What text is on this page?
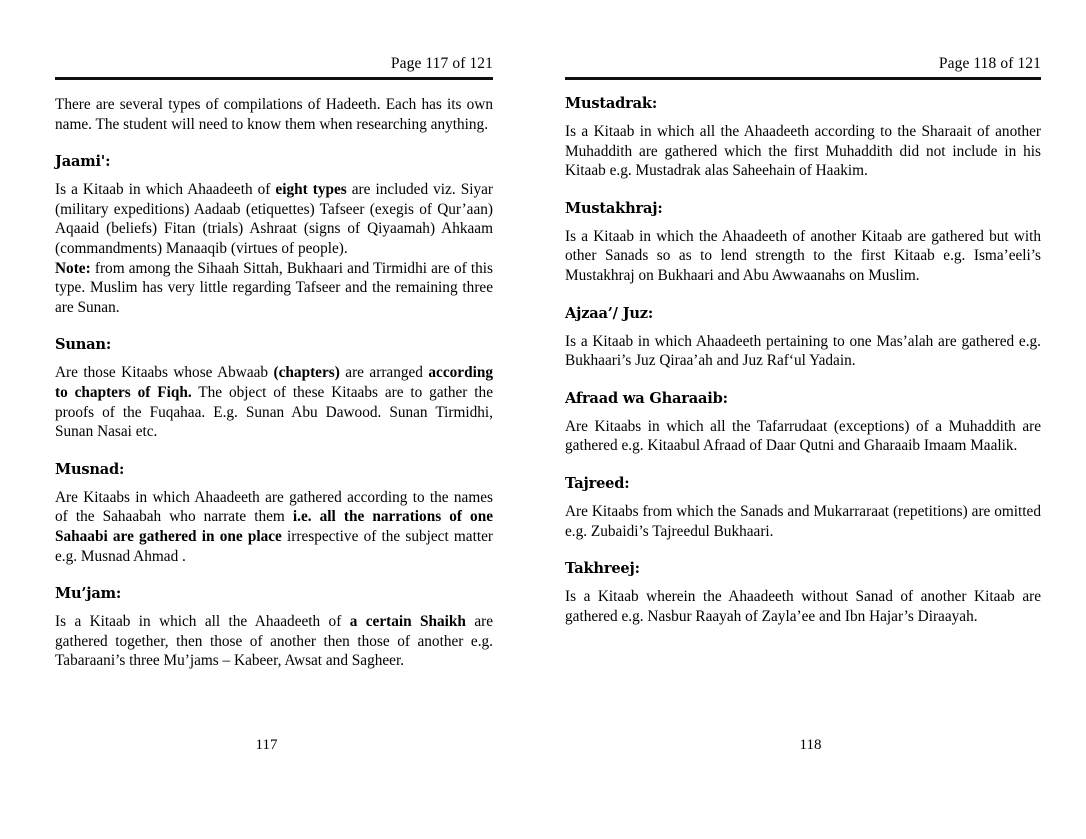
Page 117 of 121

There are several types of compilations of Hadeeth. Each has its own name. The student will need to know them when researching anything.

Jaami':

Is a Kitaab in which Ahaadeeth of eight types are included viz. Siyar (military expeditions) Aadaab (etiquettes) Tafseer (exegis of Qur’aan) Aqaaid (beliefs) Fitan (trials) Ashraat (signs of Qiyaamah) Ahkaam (commandments) Manaaqib (virtues of people).
Note: from among the Sihaah Sittah, Bukhaari and Tirmidhi are of this type. Muslim has very little regarding Tafseer and the remaining three are Sunan.

Sunan:

Are those Kitaabs whose Abwaab (chapters) are arranged according to chapters of Fiqh. The object of these Kitaabs are to gather the proofs of the Fuqahaa. E.g. Sunan Abu Dawood. Sunan Tirmidhi, Sunan Nasai etc.

Musnad:

Are Kitaabs in which Ahaadeeth are gathered according to the names of the Sahaabah who narrate them i.e. all the narrations of one Sahaabi are gathered in one place irrespective of the subject matter e.g. Musnad Ahmad .

Mu’jam:

Is a Kitaab in which all the Ahaadeeth of a certain Shaikh are gathered together, then those of another then those of another e.g. Tabaraani’s three Mu’jams – Kabeer, Awsat and Sagheer.

117
Page 118 of 121
Mustadrak:

Is a Kitaab in which all the Ahaadeeth according to the Sharaait of another Muhaddith are gathered which the first Muhaddith did not include in his Kitaab e.g. Mustadrak alas Saheehain of Haakim.

Mustakhraj:

Is a Kitaab in which the Ahaadeeth of another Kitaab are gathered but with other Sanads so as to lend strength to the first Kitaab e.g. Isma’eeli’s Mustakhraj on Bukhaari and Abu Awwaanahs on Muslim.

Ajzaa’/ Juz:

Is a Kitaab in which Ahaadeeth pertaining to one Mas’alah are gathered e.g. Bukhaari’s Juz Qiraa’ah and Juz Raf‘ul Yadain.

Afraad wa Gharaaib:

Are Kitaabs in which all the Tafarrudaat (exceptions) of a Muhaddith are gathered e.g. Kitaabul Afraad of Daar Qutni and Gharaaib Imaam Maalik.

Tajreed:

Are Kitaabs from which the Sanads and Mukarraraat (repetitions) are omitted e.g. Zubaidi’s Tajreedul Bukhaari.

Takhreej:

Is a Kitaab wherein the Ahaadeeth without Sanad of another Kitaab are gathered e.g. Nasbur Raayah of Zayla’ee and Ibn Hajar’s Diraayah.

118
